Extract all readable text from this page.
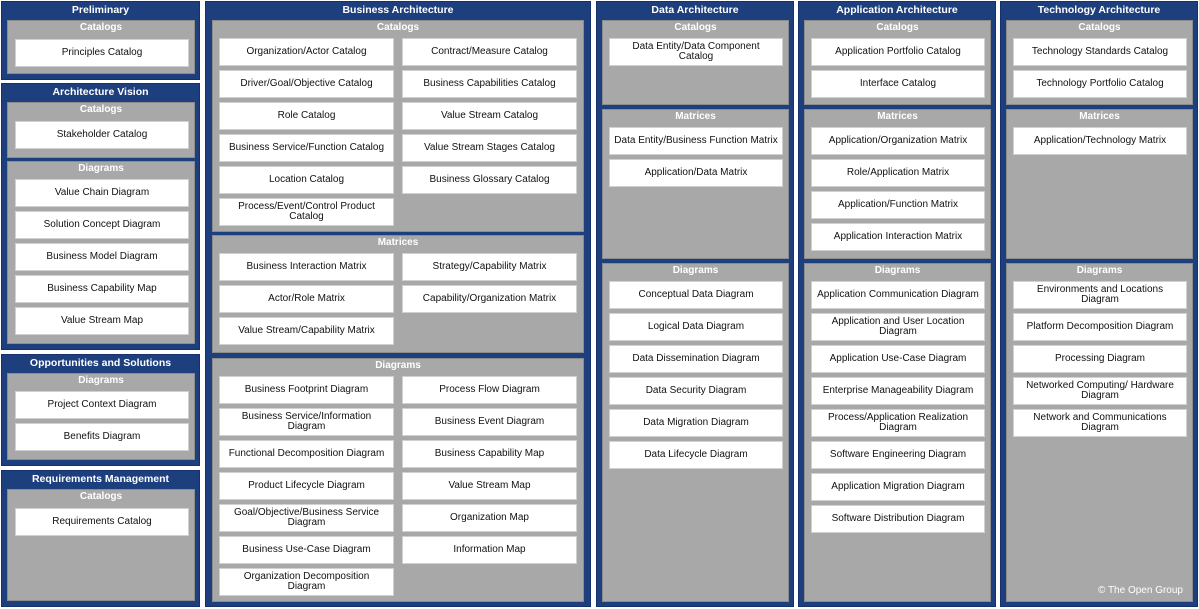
Preliminary
Catalogs
Principles Catalog
Architecture Vision
Catalogs
Stakeholder Catalog
Diagrams
Value Chain Diagram
Solution Concept Diagram
Business Model Diagram
Business Capability Map
Value Stream Map
Opportunities and Solutions
Diagrams
Project Context Diagram
Benefits Diagram
Requirements Management
Catalogs
Requirements Catalog
Business Architecture
Catalogs
Organization/Actor Catalog	Contract/Measure Catalog
Driver/Goal/Objective Catalog	Business Capabilities Catalog
Role Catalog	Value Stream Catalog
Business Service/Function Catalog	Value Stream Stages Catalog
Location Catalog	Business Glossary Catalog
Process/Event/Control Product Catalog
Matrices
Business Interaction Matrix	Strategy/Capability Matrix
Actor/Role Matrix	Capability/Organization Matrix
Value Stream/Capability Matrix
Diagrams
Business Footprint Diagram	Process Flow Diagram
Business Service/Information Diagram	Business Event Diagram
Functional Decomposition Diagram	Business Capability Map
Product Lifecycle Diagram	Value Stream Map
Goal/Objective/Business Service Diagram	Organization Map
Business Use-Case Diagram	Information Map
Organization Decomposition Diagram
Data Architecture
Catalogs
Data Entity/Data Component Catalog
Matrices
Data Entity/Business Function Matrix
Application/Data Matrix
Diagrams
Conceptual Data Diagram
Logical Data Diagram
Data Dissemination Diagram
Data Security Diagram
Data Migration Diagram
Data Lifecycle Diagram
Application Architecture
Catalogs
Application Portfolio Catalog
Interface Catalog
Matrices
Application/Organization Matrix
Role/Application Matrix
Application/Function Matrix
Application Interaction Matrix
Diagrams
Application Communication Diagram
Application and User Location Diagram
Application Use-Case Diagram
Enterprise Manageability Diagram
Process/Application Realization Diagram
Software Engineering Diagram
Application Migration Diagram
Software Distribution Diagram
Technology Architecture
Catalogs
Technology Standards Catalog
Technology Portfolio Catalog
Matrices
Application/Technology Matrix
Diagrams
Environments and Locations Diagram
Platform Decomposition Diagram
Processing Diagram
Networked Computing/ Hardware Diagram
Network and Communications Diagram
© The Open Group
